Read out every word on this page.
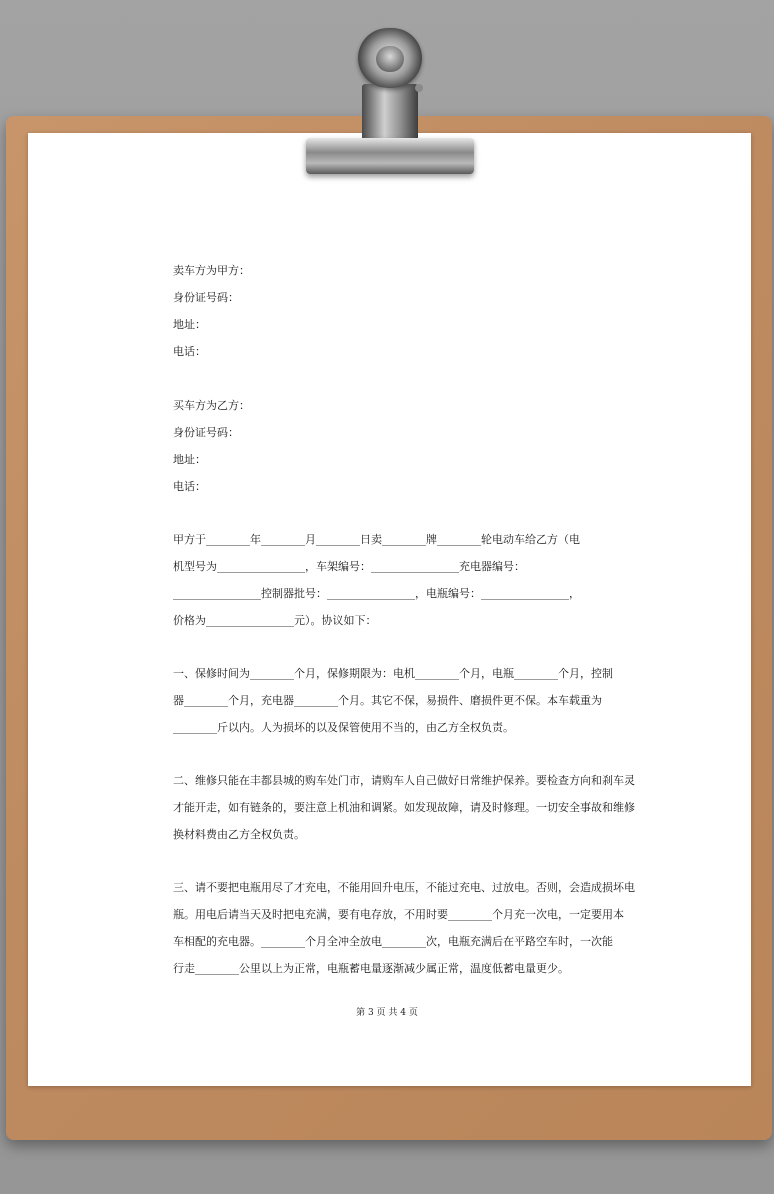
卖车方为甲方：
身份证号码：
地址：
电话：
买车方为乙方：
身份证号码：
地址：
电话：
甲方于________年________月________日卖________牌________轮电动车给乙方（电
机型号为________________，车架编号：________________充电器编号：
________________控制器批号：________________，电瓶编号：________________，
价格为________________元）。协议如下：
一、保修时间为________个月，保修期限为：电机________个月，电瓶________个月，控制
器________个月，充电器________个月。其它不保，易损件、磨损件更不保。本车载重为
________斤以内。人为损坏的以及保管使用不当的，由乙方全权负责。
二、维修只能在丰都县城的购车处门市，请购车人自己做好日常维护保养。要检查方向和刹车灵
才能开走，如有链条的，要注意上机油和调紧。如发现故障，请及时修理。一切安全事故和维修
换材料费由乙方全权负责。
三、请不要把电瓶用尽了才充电，不能用回升电压，不能过充电、过放电。否则，会造成损坏电
瓶。用电后请当天及时把电充满，要有电存放，不用时要________个月充一次电，一定要用本
车相配的充电器。________个月全冲全放电________次，电瓶充满后在平路空车时，一次能
行走________公里以上为正常，电瓶蓄电量逐渐减少属正常，温度低蓄电量更少。
第 3 页 共 4 页
